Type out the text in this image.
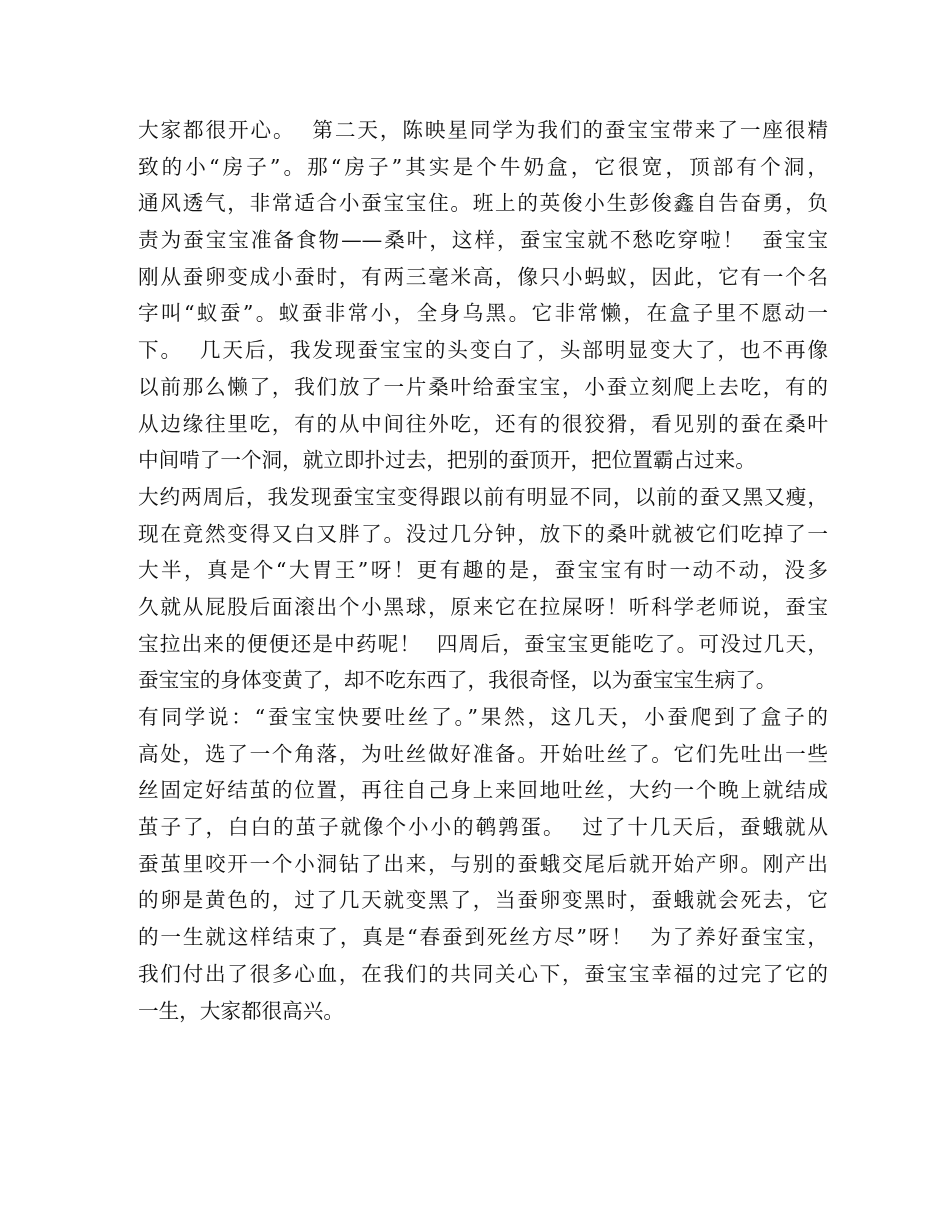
大家都很开心。  第二天，陈映星同学为我们的蚕宝宝带来了一座很精
致的小“房子”。那“房子”其实是个牛奶盒，它很宽，顶部有个洞，
通风透气，非常适合小蚕宝宝住。班上的英俊小生彭俊鑫自告奋勇，负
责为蚕宝宝准备食物——桑叶，这样，蚕宝宝就不愁吃穿啦！  蚕宝宝
刚从蚕卵变成小蚕时，有两三毫米高，像只小蚂蚁，因此，它有一个名
字叫“蚁蚕”。蚁蚕非常小，全身乌黑。它非常懒，在盒子里不愿动一
下。  几天后，我发现蚕宝宝的头变白了，头部明显变大了，也不再像
以前那么懒了，我们放了一片桑叶给蚕宝宝，小蚕立刻爬上去吃，有的
从边缘往里吃，有的从中间往外吃，还有的很狡猾，看见别的蚕在桑叶
中间啃了一个洞，就立即扑过去，把别的蚕顶开，把位置霸占过来。
大约两周后，我发现蚕宝宝变得跟以前有明显不同，以前的蚕又黑又瘦，
现在竟然变得又白又胖了。没过几分钟，放下的桑叶就被它们吃掉了一
大半，真是个“大胃王”呀！更有趣的是，蚕宝宝有时一动不动，没多
久就从屁股后面滚出个小黑球，原来它在拉屎呀！听科学老师说，蚕宝
宝拉出来的便便还是中药呢！  四周后，蚕宝宝更能吃了。可没过几天，
蚕宝宝的身体变黄了，却不吃东西了，我很奇怪，以为蚕宝宝生病了。
有同学说：“蚕宝宝快要吐丝了。”果然，这几天，小蚕爬到了盒子的
高处，选了一个角落，为吐丝做好准备。开始吐丝了。它们先吐出一些
丝固定好结茧的位置，再往自己身上来回地吐丝，大约一个晚上就结成
茧子了，白白的茧子就像个小小的鹌鹑蛋。  过了十几天后，蚕蛾就从
蚕茧里咬开一个小洞钻了出来，与别的蚕蛾交尾后就开始产卵。刚产出
的卵是黄色的，过了几天就变黑了，当蚕卵变黑时，蚕蛾就会死去，它
的一生就这样结束了，真是“春蚕到死丝方尽”呀！  为了养好蚕宝宝，
我们付出了很多心血，在我们的共同关心下，蚕宝宝幸福的过完了它的
一生，大家都很高兴。
